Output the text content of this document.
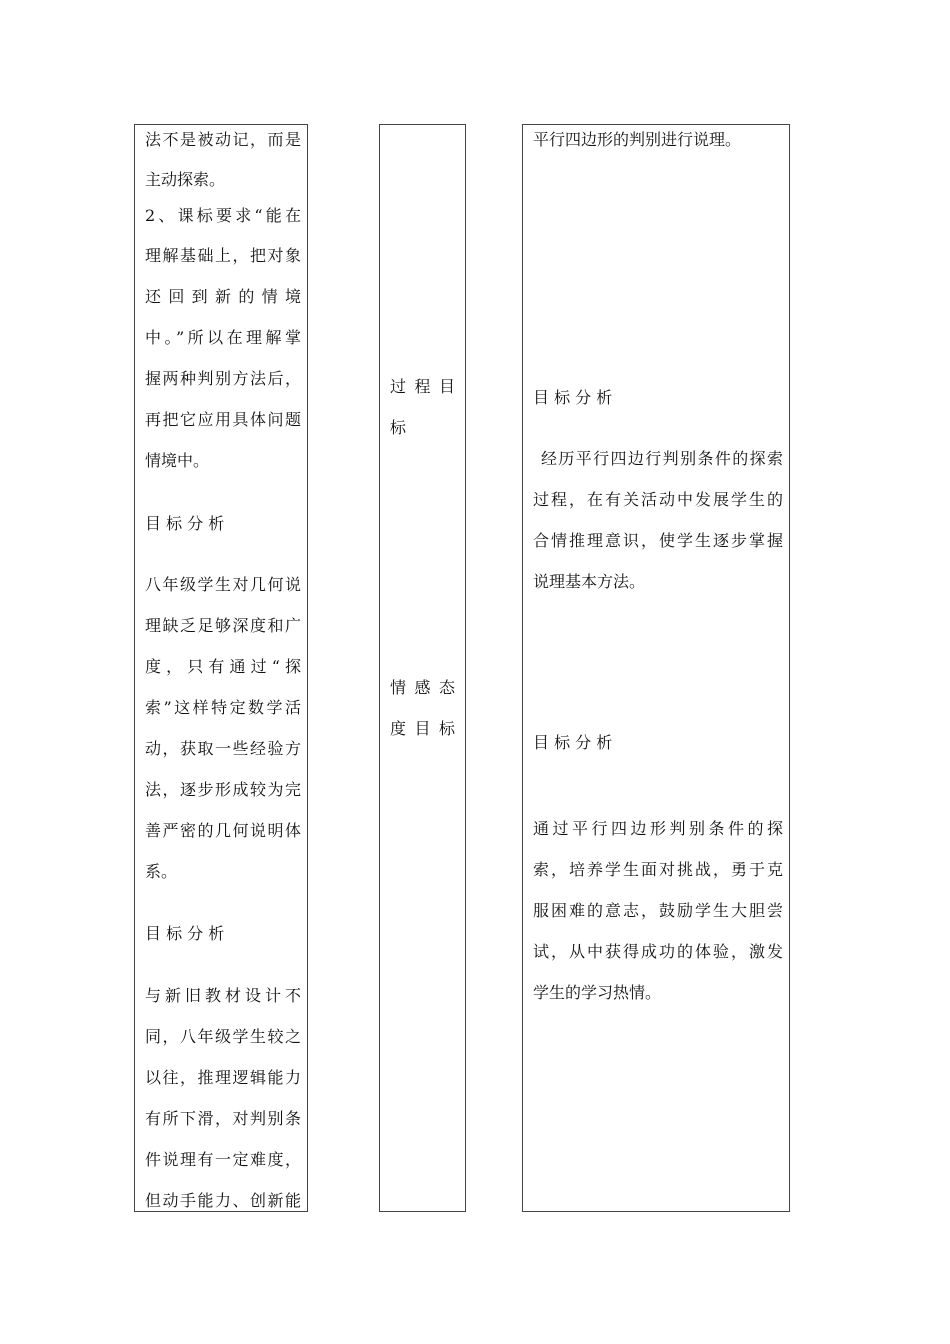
法不是被动记，而是
主动探索。
2、课标要求“能在
理解基础上，把对象
还回到新的情境
中。”所以在理解掌
握两种判别方法后，
再把它应用具体问题
情境中。
目 标 分 析
八年级学生对几何说
理缺乏足够深度和广
度，只有通过“探
索”这样特定数学活
动，获取一些经验方
法，逐步形成较为完
善严密的几何说明体
系。
目 标 分 析
与新旧教材设计不
同，八年级学生较之
以往，推理逻辑能力
有所下滑，对判别条
件说理有一定难度，
但动手能力、创新能
过 程 目
标
情 感 态
度 目 标
平行四边形的判别进行说理。
目 标 分 析
经历平行四边行判别条件的探索
过程，在有关活动中发展学生的
合情推理意识，使学生逐步掌握
说理基本方法。
目 标 分 析
通过平行四边形判别条件的探
索，培养学生面对挑战，勇于克
服困难的意志，鼓励学生大胆尝
试，从中获得成功的体验，激发
学生的学习热情。
